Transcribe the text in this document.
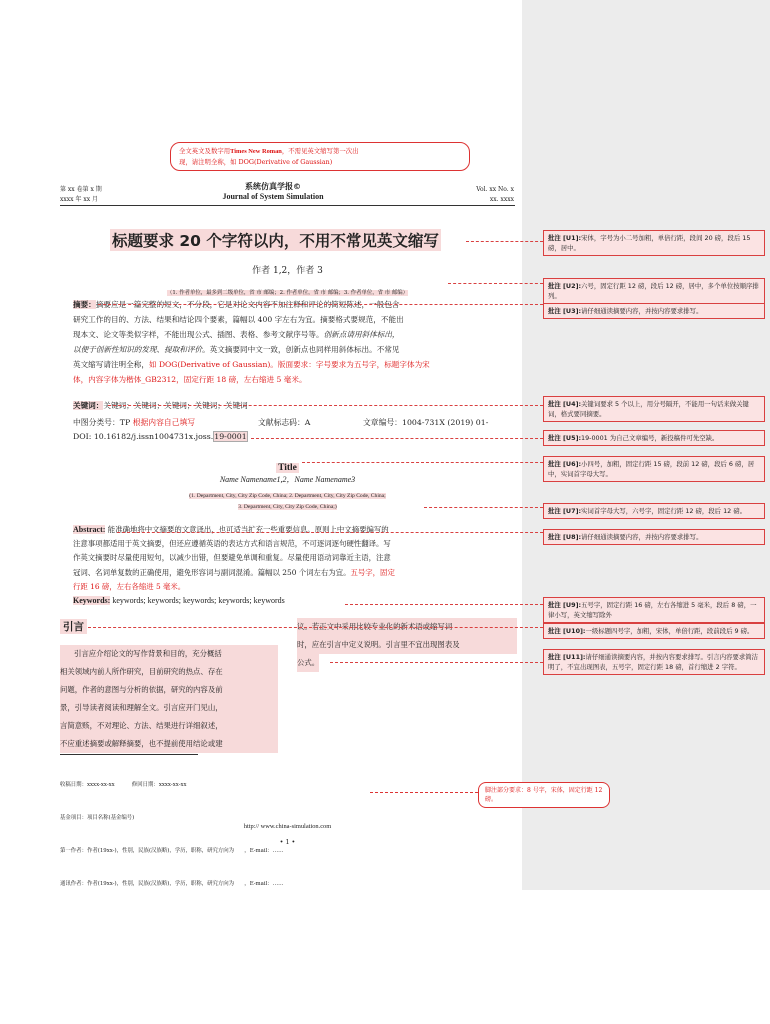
全文英文及数字用Times New Roman，不需见英文缩写第一次出
现，请注明全称，如 DOG(Derivative of Gaussian)
第 xx 卷第 x 期
xxxx 年 xx 月
系统仿真学报©
Journal of System Simulation
Vol. xx No. x
xx. xxxx
标题要求 20 个字符以内，不用不常见英文缩写
作者 1,2，作者 3
（1. 作者单位，最多到二级单位，省 市 邮编；2. 作者单位，省 市 邮编；3. 作者单位，省 市 邮编）
摘要：摘要应是一篇完整的短文，不分段，它是对论文内容不加注释和评论的简短陈述，一般包含
研究工作的目的、方法、结果和结论四个要素，篇幅以 400 字左右为宜。摘要格式要规范，不能出
现本文、论文等类似字样，不能出现公式、插图、表格、参考文献序号等。创新点请用斜体标出，
以便于创新性知识的发现、提取和评价。英文摘要同中文一致，创新点也同样用斜体标出。不常见
英文缩写请注明全称，如 DOG(Derivative of Gaussian)。版面要求：字号要求为五号字，标题字体为宋
体，内容字体为楷体_GB2312，固定行距 18 磅，左右缩进 5 毫米。
关键词：关键词；关键词；关键词；关键词；关键词
中图分类号：TP 根据内容自己填写	文献标志码：A	文章编号：1004-731X (2019) 01-
DOI: 10.16182/j.issn1004731x.joss.19-0001
Title
Name Namename1,2，Name Namename3
(1. Department, City, City Zip Code, China; 2. Department, City, City Zip Code, China;
3. Department, City, City Zip Code, China;)
Abstract: 能准确地将中文摘要的文意译出，也可适当扩充一些重要信息。原则上中文摘要编写的
注意事项都适用于英文摘要，但还应遵循英语的表达方式和语言规范，不可逐词逐句硬性翻译。写
作英文摘要时尽量使用短句，以减少出错，但要避免单调和重复。尽量使用语动词靠近主语，注意
冠词、名词单复数的正确使用，避免形容词与副词混淆。篇幅以 250 个词左右为宜。五号字，固定
行距 16 磅，左右各缩进 5 毫米。
Keywords: keywords; keywords; keywords; keywords; keywords
引言
引言应介绍论文的写作背景和目的，充分概括
相关领域内前人所作研究，目前研究的热点、存在
问题，作者的意图与分析的依据，研究的内容及前
景，引导读者阅读和理解全文。引言应开门见山，
言简意赅，不对理论、方法、结果进行详细叙述，
不应重述摘要或解释摘要，也不提前使用结论或建
议。若正文中采用比较专业化的新术语或缩写词
时，应在引言中定义说明。引言里不宜出现图表及
公式。

收稿日期：xxxx-xx-xx          修回日期：xxxx-xx-xx

基金项目：项目名称(基金编号)

第一作者：作者(19xx-)，性别，民族(汉族略)，学历，职称，研究方向为      ，E-mail：……

通讯作者：作者(19xx-)，性别，民族(汉族略)，学历，职称，研究方向为      ，E-mail：……

脚注部分要求：8 号字，宋体，固定行距 12 磅。
http:// www.china-simulation.com
• 1 •
批注 [U1]:宋体，字号为小二号加粗，单倍行距，段间 20 磅，段后 15 磅，居中。
批注 [U2]:六号，固定行距 12 磅，段后 12 磅，居中，多个单位按顺序排列。
批注 [U3]:请仔细通读摘要内容，并按内容要求排写。
批注 [U4]:关键词要求 5 个以上，用分号隔开，不能用一句话来做关键词，格式要同摘要。
批注 [U5]:19-0001 为自己文章编号，新投稿件可先空缺。
批注 [U6]:小四号，加粗，固定行距 15 磅，段前 12 磅，段后 6 磅，居中，实词首字母大写。
批注 [U7]:实词首字母大写，六号字，固定行距 12 磅，段后 12 磅。
批注 [U8]:请仔细通读摘要内容，并按内容要求排写。
批注 [U9]:五号字，固定行距 16 磅，左右各缩进 5 毫米，段后 8 磅，一律小写，英文缩写除外
批注 [U10]:一级标题四号字，加粗，宋体，单倍行距，段前段后 9 磅。
批注 [U11]:请仔细通读摘要内容，并按内容要求排写。引言内容要求简洁明了，不宜出现图表，五号字，固定行距 18 磅，首行缩进 2 字符。
